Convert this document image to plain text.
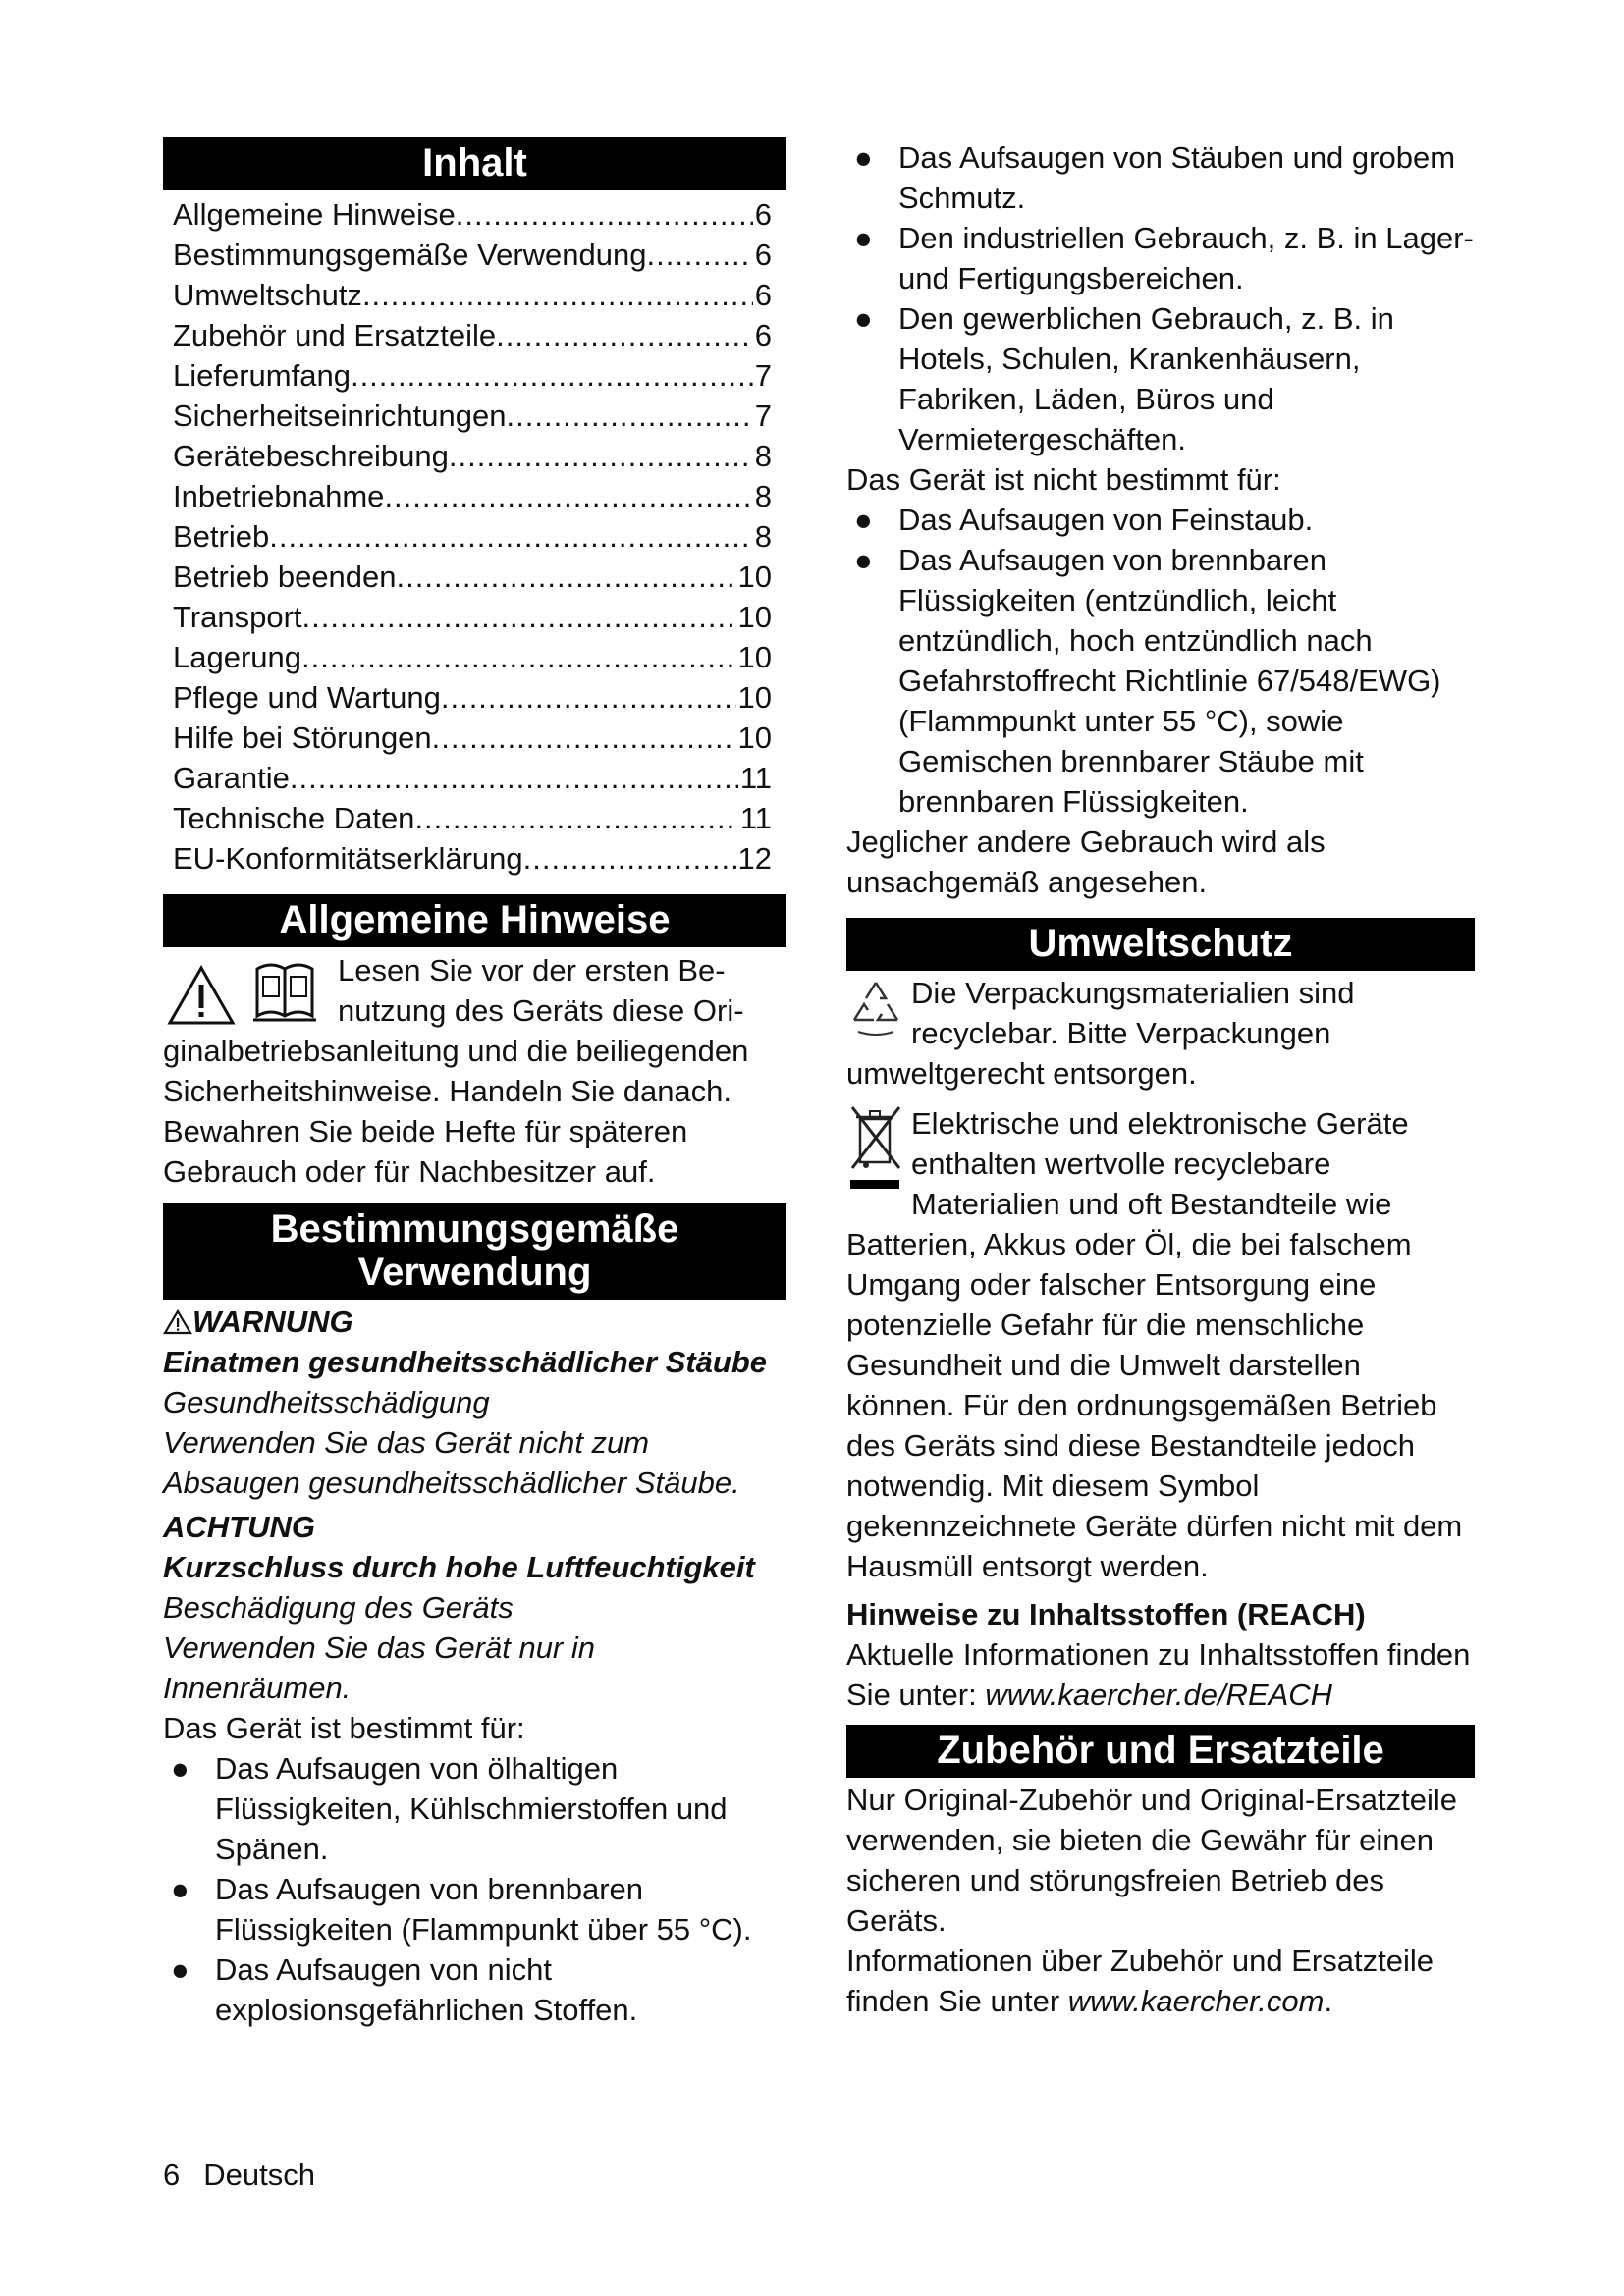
Inhalt
Allgemeine Hinweise .....	6
Bestimmungsgemäße Verwendung .....	6
Umweltschutz .....	6
Zubehör und Ersatzteile .....	6
Lieferumfang .....	7
Sicherheitseinrichtungen .....	7
Gerätebeschreibung .....	8
Inbetriebnahme .....	8
Betrieb .....	8
Betrieb beenden .....	10
Transport .....	10
Lagerung .....	10
Pflege und Wartung .....	10
Hilfe bei Störungen .....	10
Garantie .....	11
Technische Daten .....	11
EU-Konformitätserklärung .....	12
Allgemeine Hinweise

Lesen Sie vor der ersten Be-

nutzung des Geräts diese Ori-

ginalbetriebsanleitung und die beiliegenden Sicherheitshinweise. Handeln Sie danach.

Bewahren Sie beide Hefte für späteren Gebrauch oder für Nachbesitzer auf.

Bestimmungsgemäße
Verwendung

WARNUNG

Einatmen gesundheitsschädlicher Stäube

Gesundheitsschädigung

Verwenden Sie das Gerät nicht zum Absaugen gesundheitsschädlicher Stäube.

ACHTUNG

Kurzschluss durch hohe Luftfeuchtigkeit

Beschädigung des Geräts

Verwenden Sie das Gerät nur in Innenräumen.

Das Gerät ist bestimmt für:

● Das Aufsaugen von ölhaltigen Flüssigkeiten, Kühlschmierstoffen und Spänen.
● Das Aufsaugen von brennbaren Flüssigkeiten (Flammpunkt über 55 °C).
● Das Aufsaugen von nicht explosionsgefährlichen Stoffen.
● Das Aufsaugen von Stäuben und grobem Schmutz.
● Den industriellen Gebrauch, z. B. in Lager- und Fertigungsbereichen.
● Den gewerblichen Gebrauch, z. B. in Hotels, Schulen, Krankenhäusern, Fabriken, Läden, Büros und Vermietergeschäften.

Das Gerät ist nicht bestimmt für:

● Das Aufsaugen von Feinstaub.
● Das Aufsaugen von brennbaren Flüssigkeiten (entzündlich, leicht entzündlich, hoch entzündlich nach Gefahrstoffrecht Richtlinie 67/548/EWG) (Flammpunkt unter 55 °C), sowie Gemischen brennbarer Stäube mit brennbaren Flüssigkeiten.

Jeglicher andere Gebrauch wird als unsachgemäß angesehen.

Umweltschutz

Die Verpackungsmaterialien sind recyclebar. Bitte Verpackungen umweltgerecht entsorgen.

Elektrische und elektronische Geräte enthalten wertvolle recyclebare Materialien und oft Bestandteile wie Batterien, Akkus oder Öl, die bei falschem Umgang oder falscher Entsorgung eine potenzielle Gefahr für die menschliche Gesundheit und die Umwelt darstellen können. Für den ordnungsgemäßen Betrieb des Geräts sind diese Bestandteile jedoch notwendig. Mit diesem Symbol gekennzeichnete Geräte dürfen nicht mit dem Hausmüll entsorgt werden.

Hinweise zu Inhaltsstoffen (REACH)

Aktuelle Informationen zu Inhaltsstoffen finden Sie unter: www.kaercher.de/REACH

Zubehör und Ersatzteile

Nur Original-Zubehör und Original-Ersatzteile verwenden, sie bieten die Gewähr für einen sicheren und störungsfreien Betrieb des Geräts.

Informationen über Zubehör und Ersatzteile finden Sie unter www.kaercher.com.

6 Deutsch
